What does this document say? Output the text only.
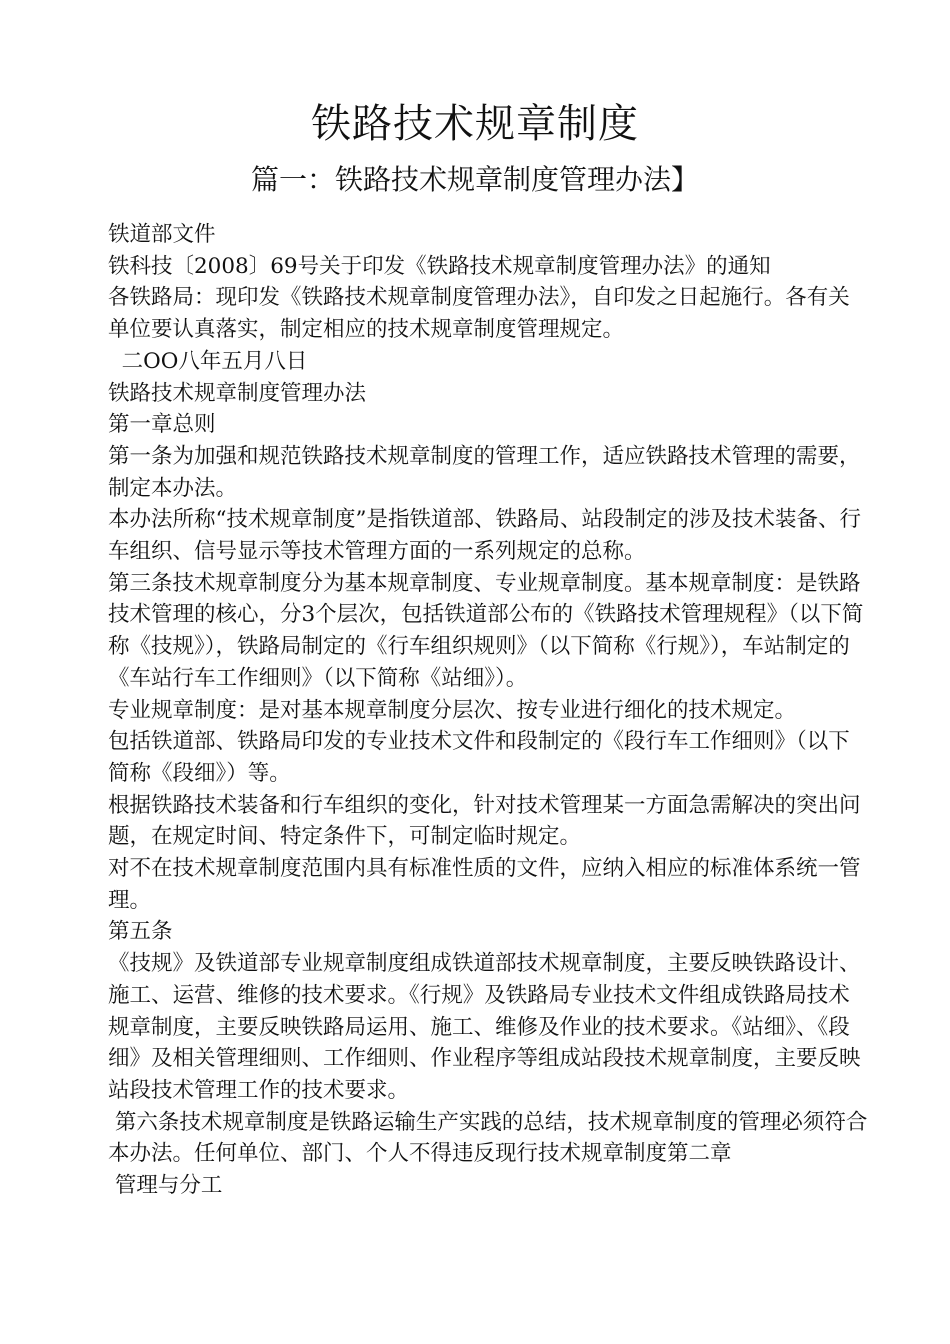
铁路技术规章制度
篇一：铁路技术规章制度管理办法】

铁道部文件

铁科技〔2008〕69号关于印发《铁路技术规章制度管理办法》的通知

各铁路局：现印发《铁路技术规章制度管理办法》，自印发之日起施行。各有关单位要认真落实，制定相应的技术规章制度管理规定。

二OO八年五月八日

铁路技术规章制度管理办法

第一章总则

第一条为加强和规范铁路技术规章制度的管理工作，适应铁路技术管理的需要，制定本办法。

本办法所称“技术规章制度”是指铁道部、铁路局、站段制定的涉及技术装备、行车组织、信号显示等技术管理方面的一系列规定的总称。

第三条技术规章制度分为基本规章制度、专业规章制度。基本规章制度：是铁路技术管理的核心，分3个层次，包括铁道部公布的《铁路技术管理规程》（以下简称《技规》），铁路局制定的《行车组织规则》（以下简称《行规》），车站制定的《车站行车工作细则》（以下简称《站细》）。

专业规章制度：是对基本规章制度分层次、按专业进行细化的技术规定。

包括铁道部、铁路局印发的专业技术文件和段制定的《段行车工作细则》（以下简称《段细》）等。

根据铁路技术装备和行车组织的变化，针对技术管理某一方面急需解决的突出问题，在规定时间、特定条件下，可制定临时规定。

对不在技术规章制度范围内具有标准性质的文件，应纳入相应的标准体系统一管理。

第五条

《技规》及铁道部专业规章制度组成铁道部技术规章制度，主要反映铁路设计、施工、运营、维修的技术要求。《行规》及铁路局专业技术文件组成铁路局技术规章制度，主要反映铁路局运用、施工、维修及作业的技术要求。《站细》、《段细》及相关管理细则、工作细则、作业程序等组成站段技术规章制度，主要反映站段技术管理工作的技术要求。

第六条技术规章制度是铁路运输生产实践的总结，技术规章制度的管理必须符合本办法。任何单位、部门、个人不得违反现行技术规章制度第二章

管理与分工
